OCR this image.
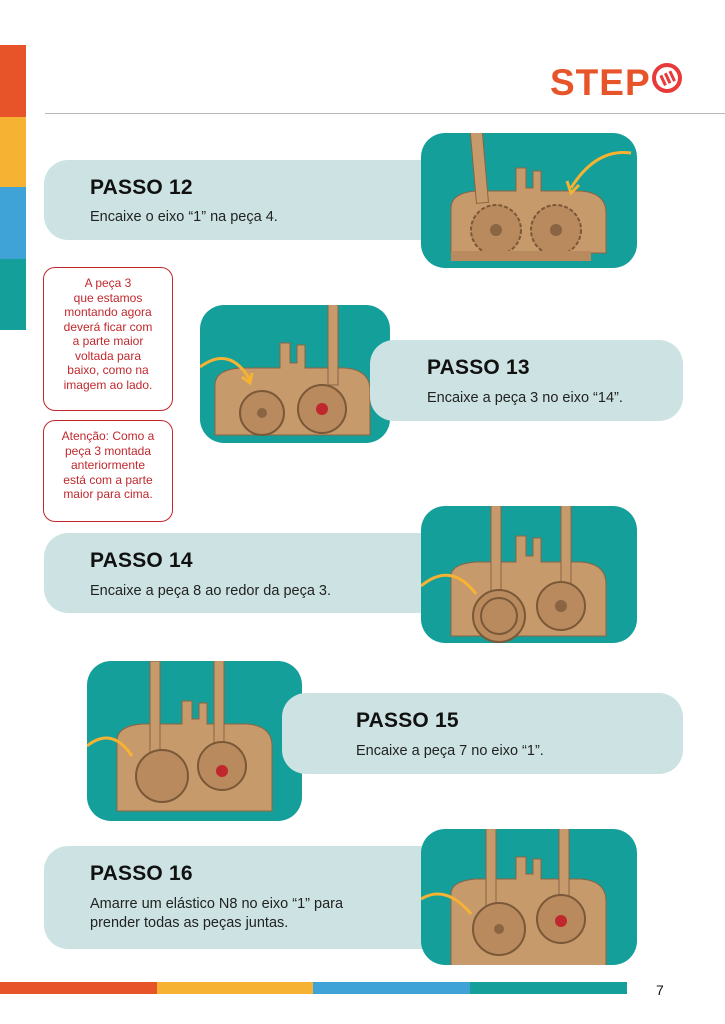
STEP
PASSO 12
Encaixe o eixo “1” na peça 4.
A peça 3
que estamos
montando agora
deverá ficar com
a parte maior
voltada para
baixo, como na
imagem ao lado.
Atenção: Como a
peça 3 montada
anteriormente
está com a parte
maior para cima.
PASSO 13
Encaixe a peça 3 no eixo “14”.
PASSO 14
Encaixe a peça 8 ao redor da peça 3.
PASSO 15
Encaixe a peça 7 no eixo “1”.
PASSO 16
Amarre um elástico N8 no eixo “1” para
prender todas as peças juntas.
7
